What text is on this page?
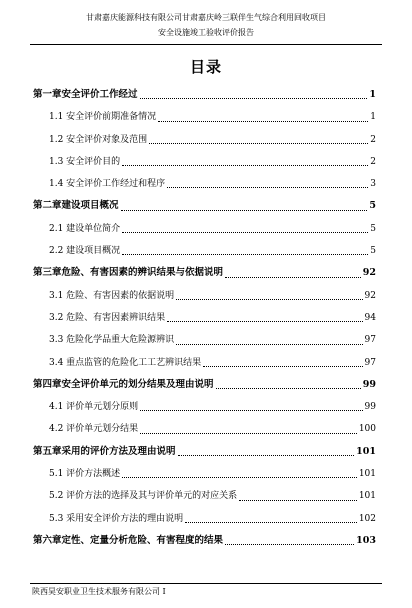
甘肃嘉庆能源科技有限公司甘肃嘉庆岭三联伴生气综合利用回收项目
安全设施竣工验收评价报告
目录
第一章安全评价工作经过	1
1.1 安全评价前期准备情况	1
1.2 安全评价对象及范围	2
1.3 安全评价目的	2
1.4 安全评价工作经过和程序	3
第二章建设项目概况	5
2.1 建设单位简介	5
2.2 建设项目概况	5
第三章危险、有害因素的辨识结果与依据说明	92
3.1 危险、有害因素的依据说明	92
3.2 危险、有害因素辨识结果	94
3.3 危险化学品重大危险源辨识	97
3.4 重点监管的危险化工工艺辨识结果	97
第四章安全评价单元的划分结果及理由说明	99
4.1 评价单元划分原则	99
4.2 评价单元划分结果	100
第五章采用的评价方法及理由说明	101
5.1 评价方法概述	101
5.2 评价方法的选择及其与评价单元的对应关系	101
5.3 采用安全评价方法的理由说明	102
第六章定性、定量分析危险、有害程度的结果	103
陕西昊安职业卫生技术服务有限公司 I
